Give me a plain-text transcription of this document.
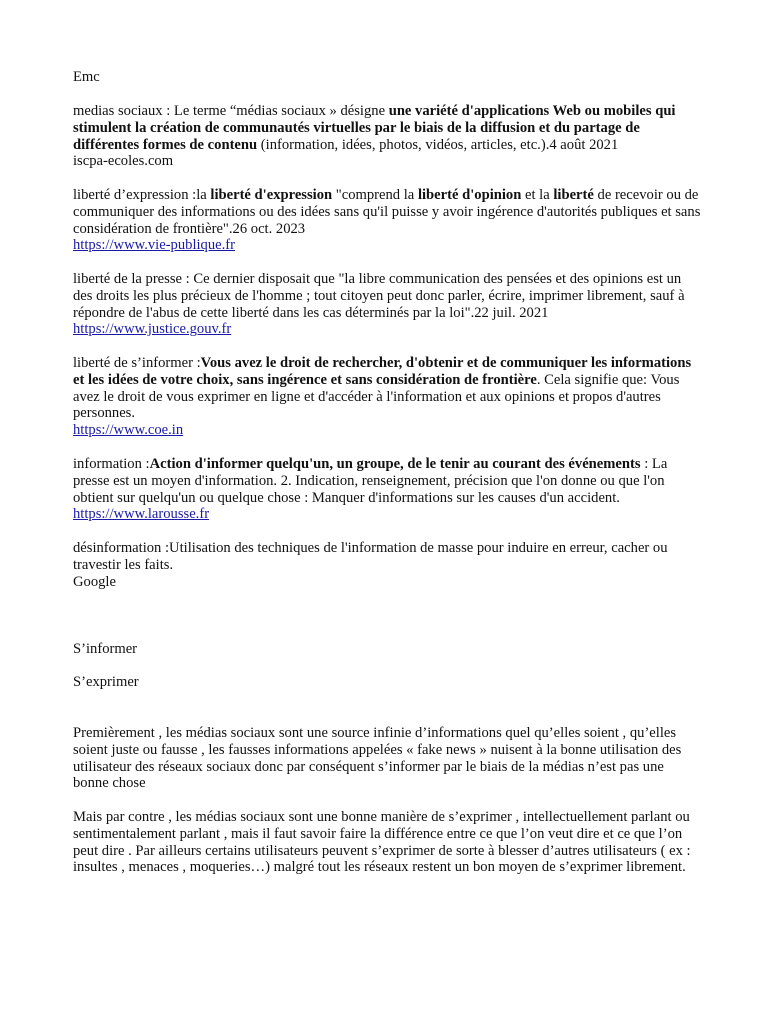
Emc

medias sociaux : Le terme “médias sociaux » désigne une variété d'applications Web ou mobiles qui stimulent la création de communautés virtuelles par le biais de la diffusion et du partage de différentes formes de contenu (information, idées, photos, vidéos, articles, etc.).4 août 2021
iscpa-ecoles.com
liberté d’expression :la liberté d'expression "comprend la liberté d'opinion et la liberté de recevoir ou de communiquer des informations ou des idées sans qu'il puisse y avoir ingérence d'autorités publiques et sans considération de frontière".26 oct. 2023
https://www.vie-publique.fr
liberté de la presse : Ce dernier disposait que "la libre communication des pensées et des opinions est un des droits les plus précieux de l'homme ; tout citoyen peut donc parler, écrire, imprimer librement, sauf à répondre de l'abus de cette liberté dans les cas déterminés par la loi".22 juil. 2021
https://www.justice.gouv.fr
liberté de s’informer :Vous avez le droit de rechercher, d'obtenir et de communiquer les informations et les idées de votre choix, sans ingérence et sans considération de frontière. Cela signifie que: Vous avez le droit de vous exprimer en ligne et d'accéder à l'information et aux opinions et propos d'autres personnes.
https://www.coe.in
information :Action d'informer quelqu'un, un groupe, de le tenir au courant des événements : La presse est un moyen d'information. 2. Indication, renseignement, précision que l'on donne ou que l'on obtient sur quelqu'un ou quelque chose : Manquer d'informations sur les causes d'un accident.
https://www.larousse.fr
désinformation :Utilisation des techniques de l'information de masse pour induire en erreur, cacher ou travestir les faits.
Google

S’informer

S’exprimer

Premièrement , les médias sociaux sont une source infinie d’informations quel qu’elles soient , qu’elles soient juste ou fausse , les fausses informations appelées « fake news » nuisent à la bonne utilisation des utilisateur des réseaux sociaux donc par conséquent s’informer par le biais de la médias n’est pas une bonne chose

Mais par contre , les médias sociaux sont une bonne manière de s’exprimer , intellectuellement parlant ou sentimentalement parlant , mais il faut savoir faire la différence entre ce que l’on veut dire et ce que l’on peut dire . Par ailleurs certains utilisateurs peuvent s’exprimer de sorte à blesser d’autres utilisateurs ( ex : insultes , menaces , moqueries…) malgré tout les réseaux restent un bon moyen de s’exprimer librement.
